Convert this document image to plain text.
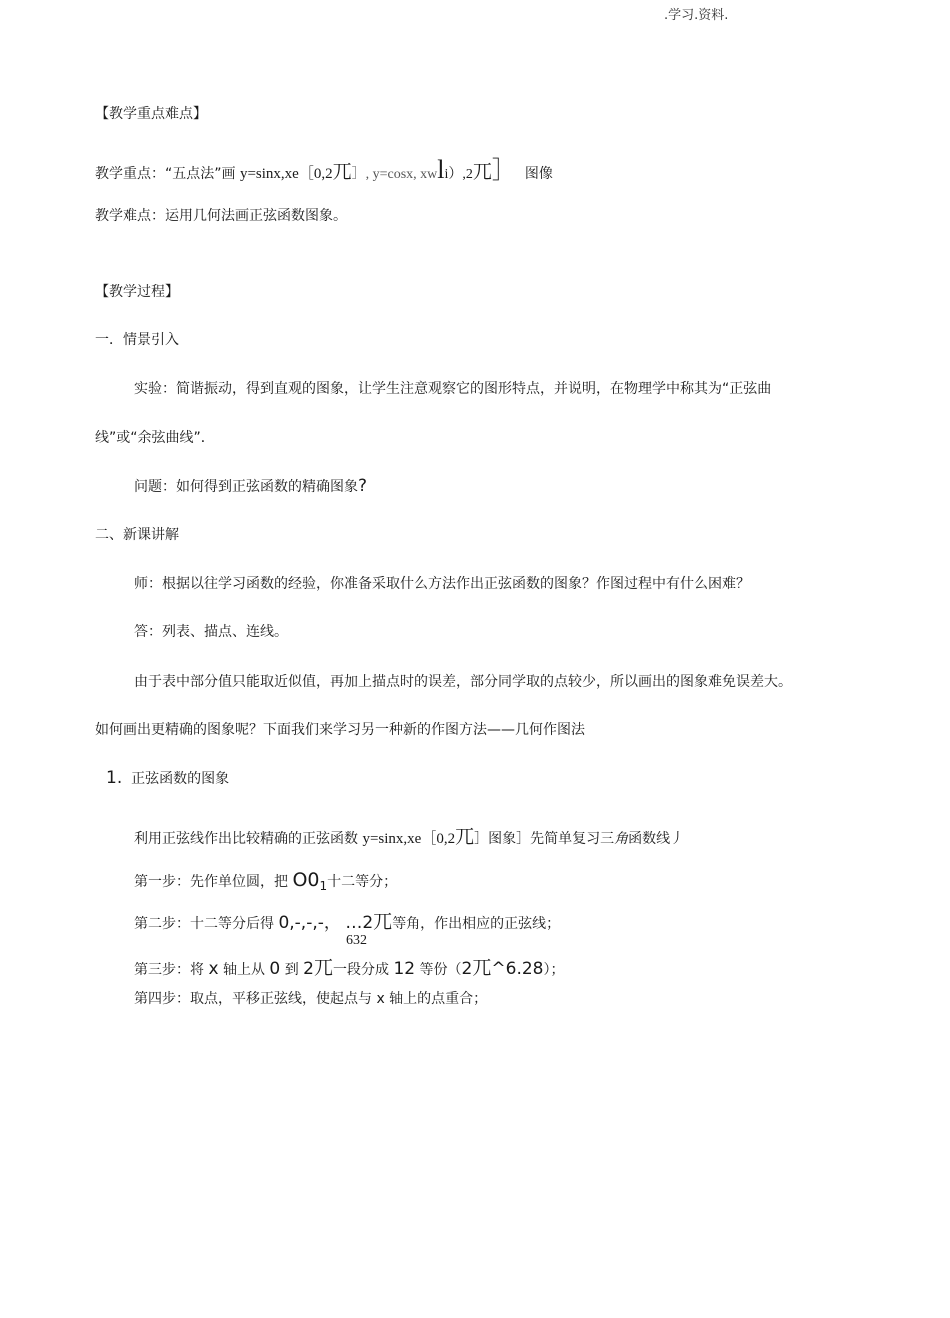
.学习.资料.
【教学重点难点】
教学重点：“五点法”画 y=sinx,xe［0,2兀］, y=cosx, xwli）,2兀］ 图像
教学难点：运用几何法画正弦函数图象。
【教学过程】
一．情景引入
实验：简谐振动，得到直观的图象，让学生注意观察它的图形特点，并说明，在物理学中称其为“正弦曲
线”或“余弦曲线”．
问题：如何得到正弦函数的精确图象?
二、新课讲解
师：根据以往学习函数的经验，你准备采取什么方法作出正弦函数的图象？作图过程中有什么困难？
答：列表、描点、连线。
由于表中部分值只能取近似值，再加上描点时的误差，部分同学取的点较少，所以画出的图象难免误差大。
如何画出更精确的图象呢？下面我们来学习另一种新的作图方法——几何作图法
1. 正弦函数的图象
利用正弦线作出比较精确的正弦函数 y=sinx,xe［0,2兀］图象］先简单复习三角函数线丿
第一步：先作单位圆，把 $O0_1$十二等分；
第二步：十二等分后得 0,-,-,-， …2兀等角，作出相应的正弦线；
632
第三步：将 x 轴上从 0 到 2兀一段分成 12 等份（2兀^6.28）；
第四步：取点，平移正弦线，使起点与 x 轴上的点重合；
